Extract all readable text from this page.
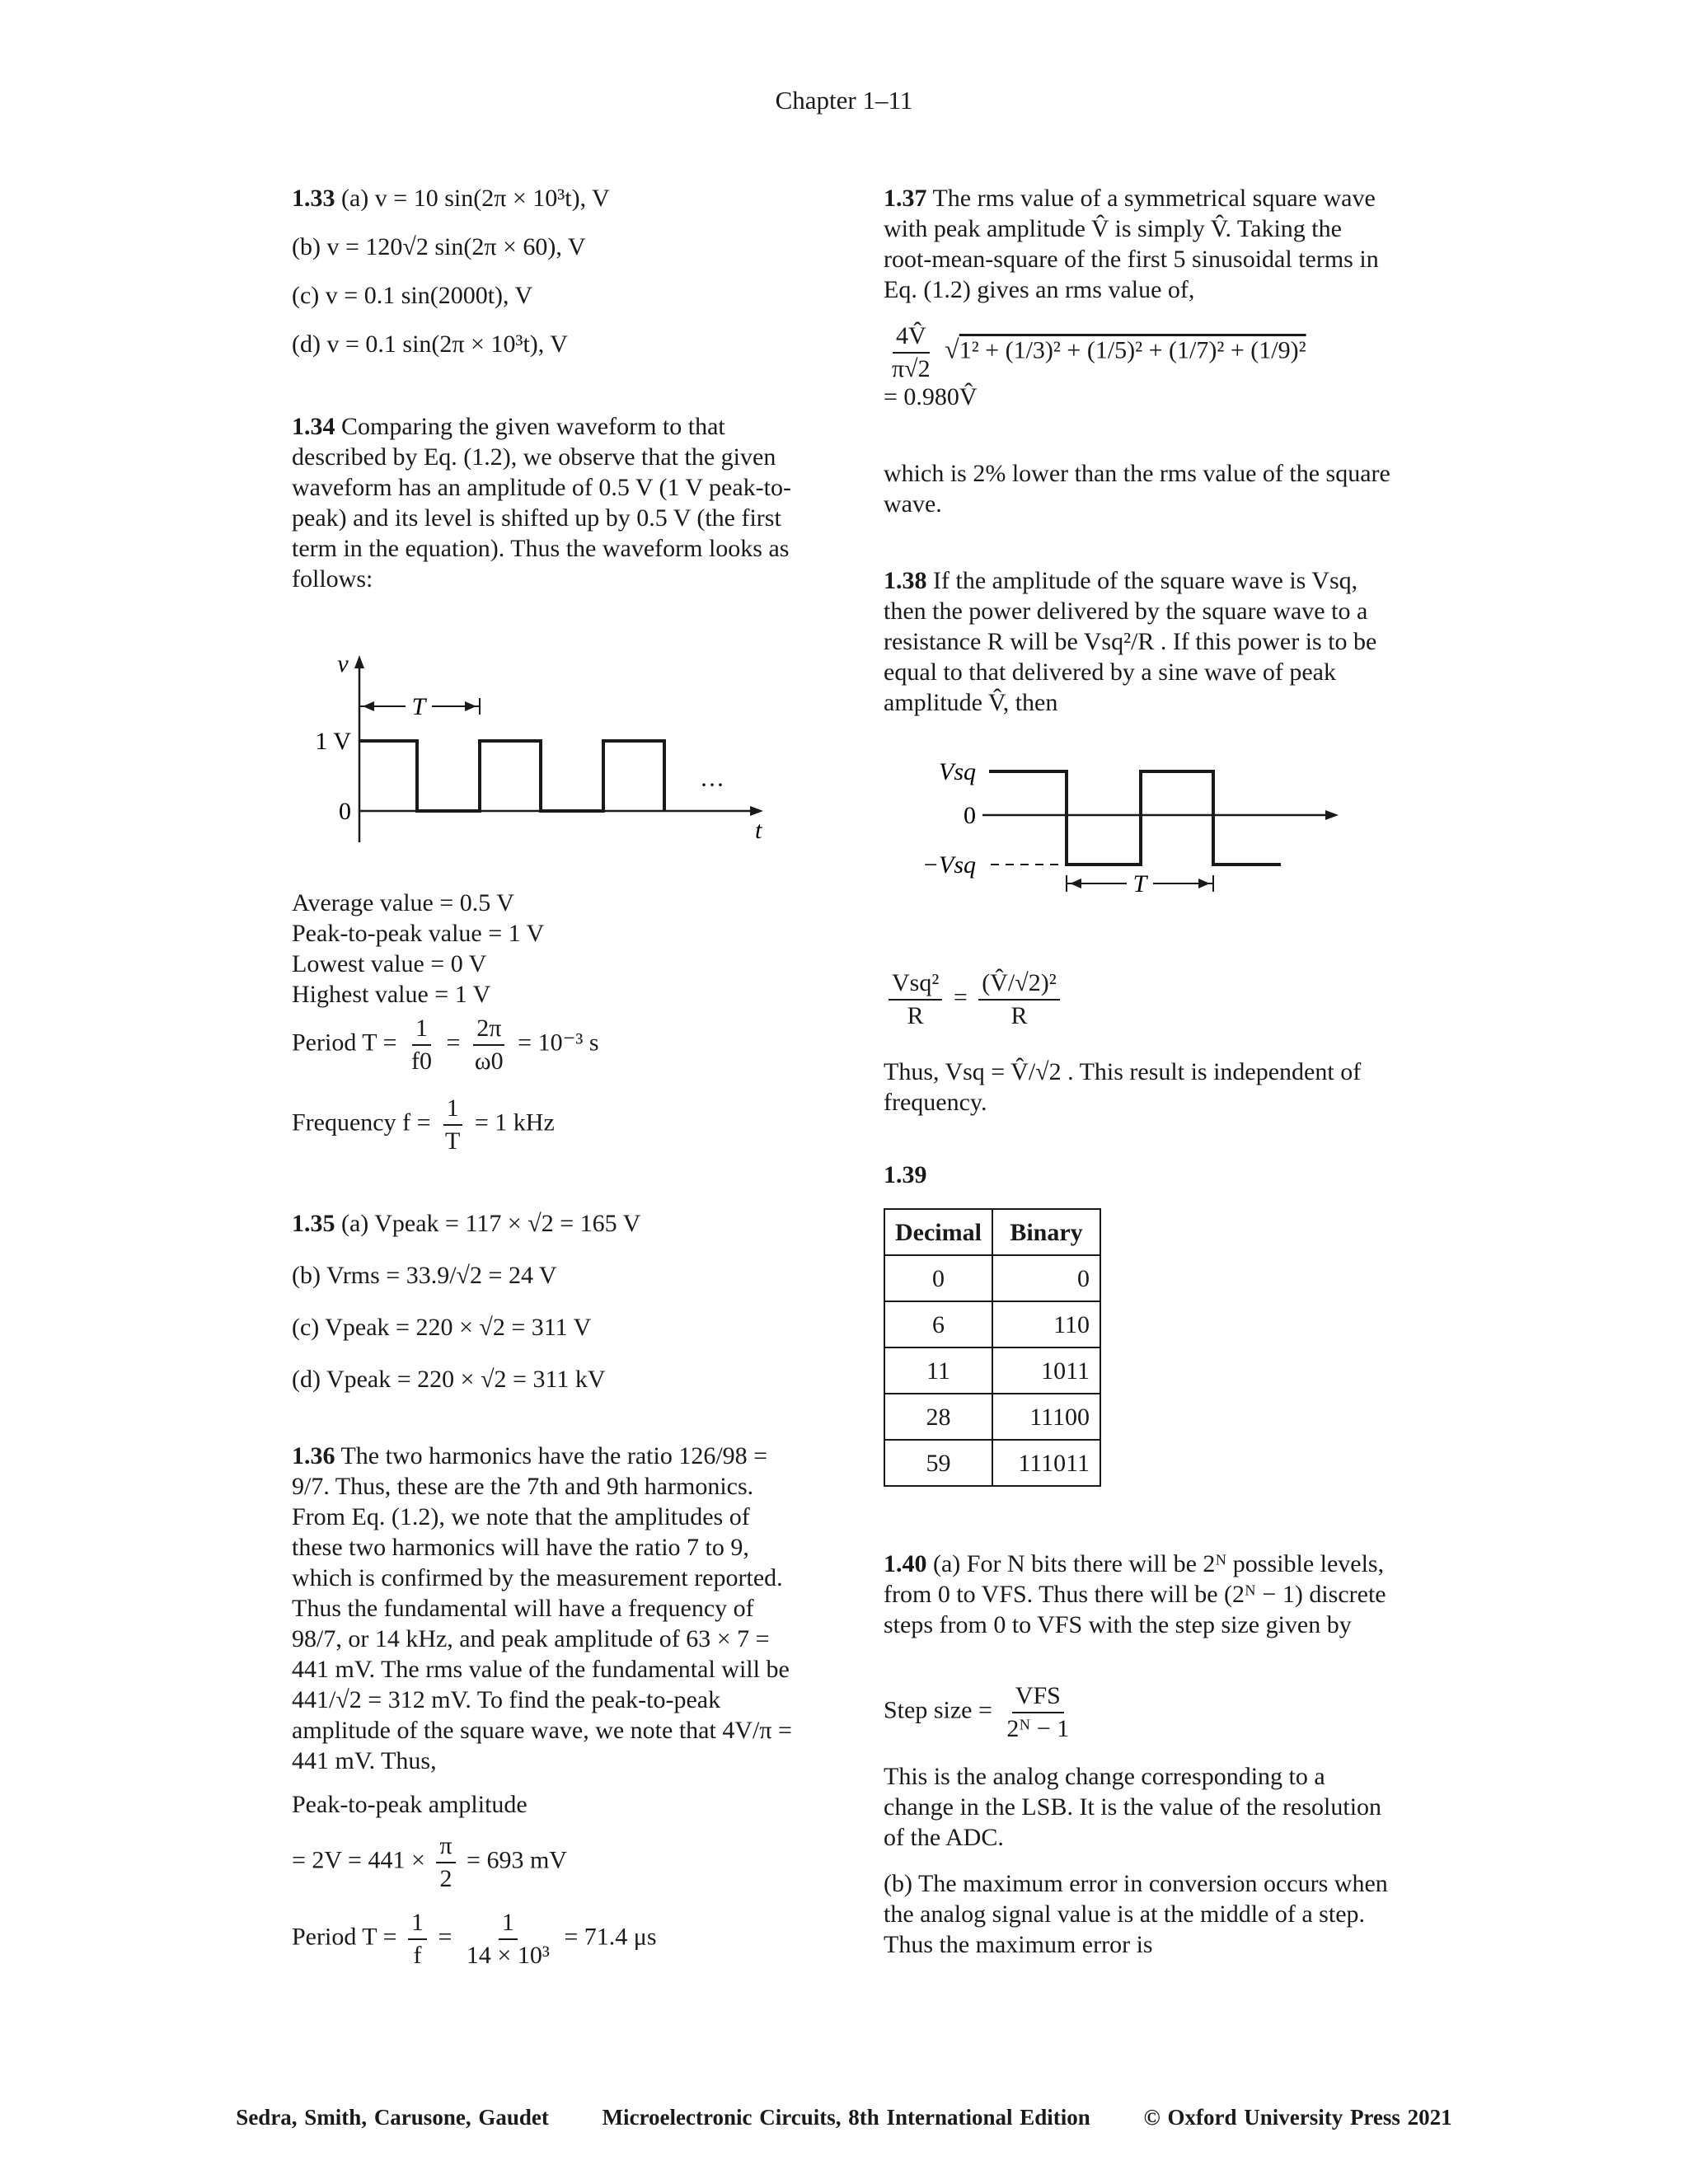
Chapter 1–11
1.33 (a) v = 10 sin(2π × 10³t), V
(b) v = 120√2 sin(2π × 60), V
(c) v = 0.1 sin(2000t), V
(d) v = 0.1 sin(2π × 10³t), V
1.34 Comparing the given waveform to that described by Eq. (1.2), we observe that the given waveform has an amplitude of 0.5 V (1 V peak-to-peak) and its level is shifted up by 0.5 V (the first term in the equation). Thus the waveform looks as follows:
T
v
1 V
0
···
t
Average value = 0.5 V
Peak-to-peak value = 1 V
Lowest value = 0 V
Highest value = 1 V
Period $T = \frac{1}{f0} = \frac{2\pi}{\omega 0} = 10^{-3}$ s
Frequency $f = \frac{1}{T} = 1$ kHz
1.35 (a) Vpeak = 117 × √2 = 165 V
(b) Vrms = 33.9/√2 = 24 V
(c) Vpeak = 220 × √2 = 311 V
(d) Vpeak = 220 × √2 = 311 kV
1.36 The two harmonics have the ratio 126/98 = 9/7. Thus, these are the 7th and 9th harmonics. From Eq. (1.2), we note that the amplitudes of these two harmonics will have the ratio 7 to 9, which is confirmed by the measurement reported. Thus the fundamental will have a frequency of 98/7, or 14 kHz, and peak amplitude of 63 × 7 = 441 mV. The rms value of the fundamental will be 441/√2 = 312 mV. To find the peak-to-peak amplitude of the square wave, we note that 4V/π = 441 mV. Thus,
Peak-to-peak amplitude
= $2V = 441 \times \frac{\pi}{2} = 693$ mV
Period $T = \frac{1}{f} = \frac{1}{\text{14 × 10³}} = 71.4$ μs
1.37 The rms value of a symmetrical square wave with peak amplitude V̂ is simply V̂. Taking the root-mean-square of the first 5 sinusoidal terms in Eq. (1.2) gives an rms value of,
$\frac{4V̂}{\pi√2} √1^2 + (1/3)^2 + (1/5)^2 + (1/7)^2 + (1/9)^2$
= 0.980V̂
which is 2% lower than the rms value of the square wave.
1.38 If the amplitude of the square wave is Vsq, then the power delivered by the square wave to a resistance R will be Vsq²/R . If this power is to be equal to that delivered by a sine wave of peak amplitude V̂, then
T
Vsq
0
−Vsq
$\frac{\text{Vsq²}}{R} = \frac{\text{(V̂/√2)²}}{R}$
Thus, Vsq = V̂/√2 . This result is independent of frequency.
1.39
Decimal	Binary
0	0
6	110
11	1011
28	11100
59	111011
1.40 (a) For N bits there will be 2ᴺ possible levels, from 0 to VFS. Thus there will be (2ᴺ − 1) discrete steps from 0 to VFS with the step size given by
Step size = $\frac{\text{VFS}}{\text{2ᴺ − 1}}$
This is the analog change corresponding to a change in the LSB. It is the value of the resolution of the ADC.
(b) The maximum error in conversion occurs when the analog signal value is at the middle of a step. Thus the maximum error is
Sedra, Smith, Carusone, Gaudet Microelectronic Circuits, 8th International Edition © Oxford University Press 2021
